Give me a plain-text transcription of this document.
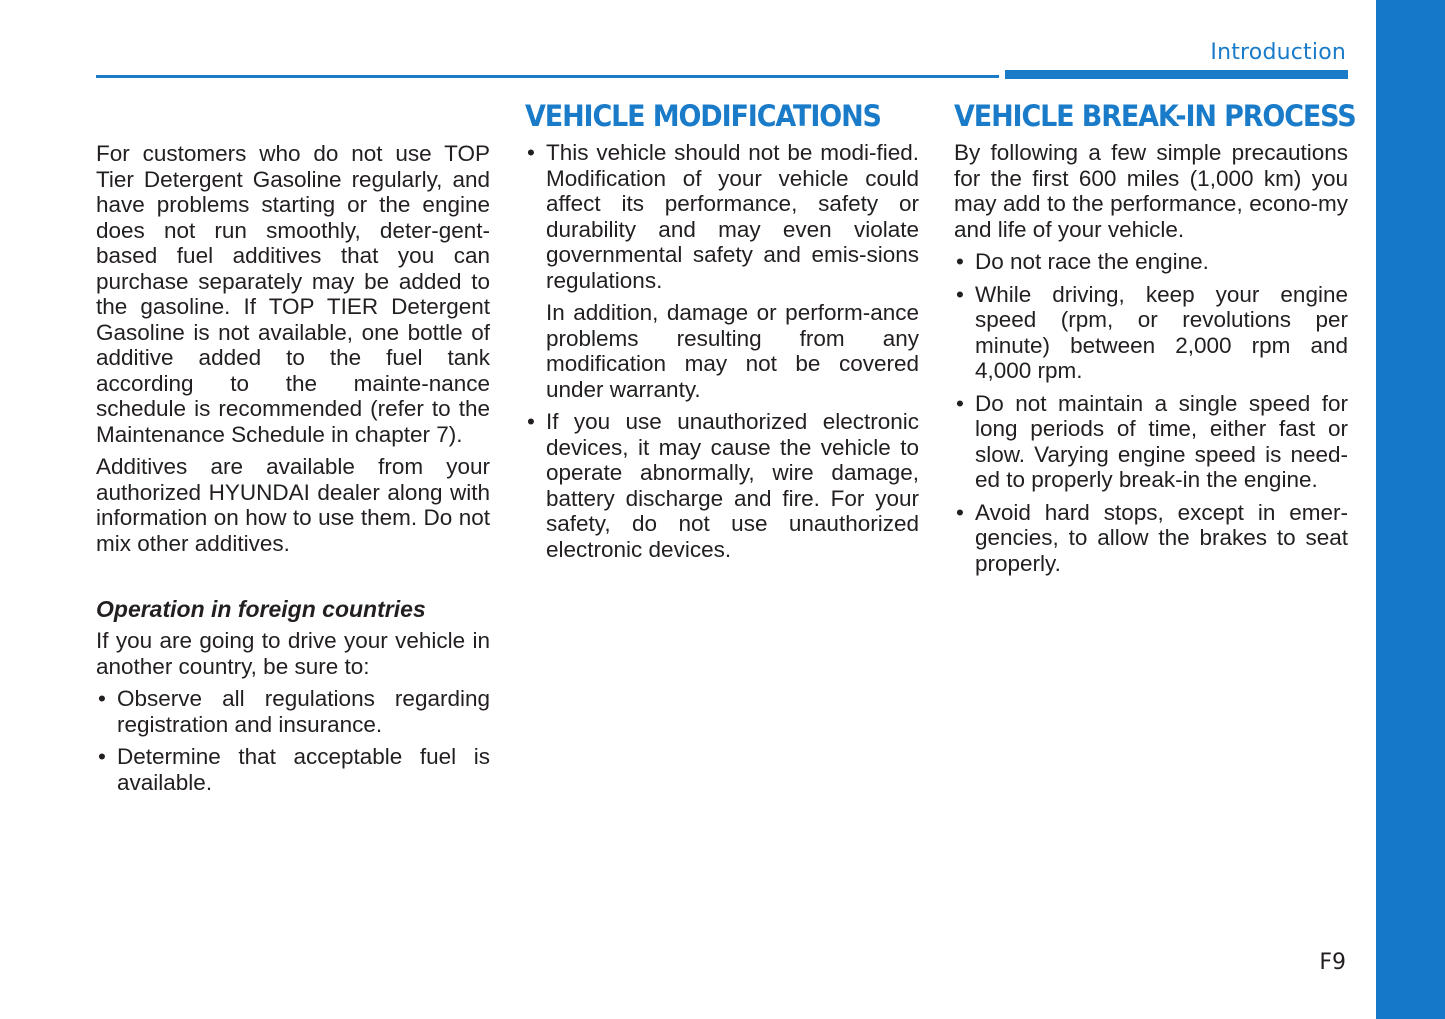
Introduction

For customers who do not use TOP Tier Detergent Gasoline regularly, and have problems starting or the engine does not run smoothly, deter-gent-based fuel additives that you can purchase separately may be added to the gasoline. If TOP TIER Detergent Gasoline is not available, one bottle of additive added to the fuel tank according to the mainte-nance schedule is recommended (refer to the Maintenance Schedule in chapter 7).

Additives are available from your authorized HYUNDAI dealer along with information on how to use them. Do not mix other additives.

Operation in foreign countries

If you are going to drive your vehicle in another country, be sure to:

• Observe all regulations regarding registration and insurance.
• Determine that acceptable fuel is available.
VEHICLE MODIFICATIONS
• This vehicle should not be modi-fied. Modification of your vehicle could affect its performance, safety or durability and may even violate governmental safety and emis-sions regulations.

In addition, damage or perform-ance problems resulting from any modification may not be covered under warranty.

• If you use unauthorized electronic devices, it may cause the vehicle to operate abnormally, wire damage, battery discharge and fire. For your safety, do not use unauthorized electronic devices.
VEHICLE BREAK-IN PROCESS

By following a few simple precautions for the first 600 miles (1,000 km) you may add to the performance, econo-my and life of your vehicle.

• Do not race the engine.
• While driving, keep your engine speed (rpm, or revolutions per minute) between 2,000 rpm and 4,000 rpm.
• Do not maintain a single speed for long periods of time, either fast or slow. Varying engine speed is need-ed to properly break-in the engine.
• Avoid hard stops, except in emer-gencies, to allow the brakes to seat properly.
F9
